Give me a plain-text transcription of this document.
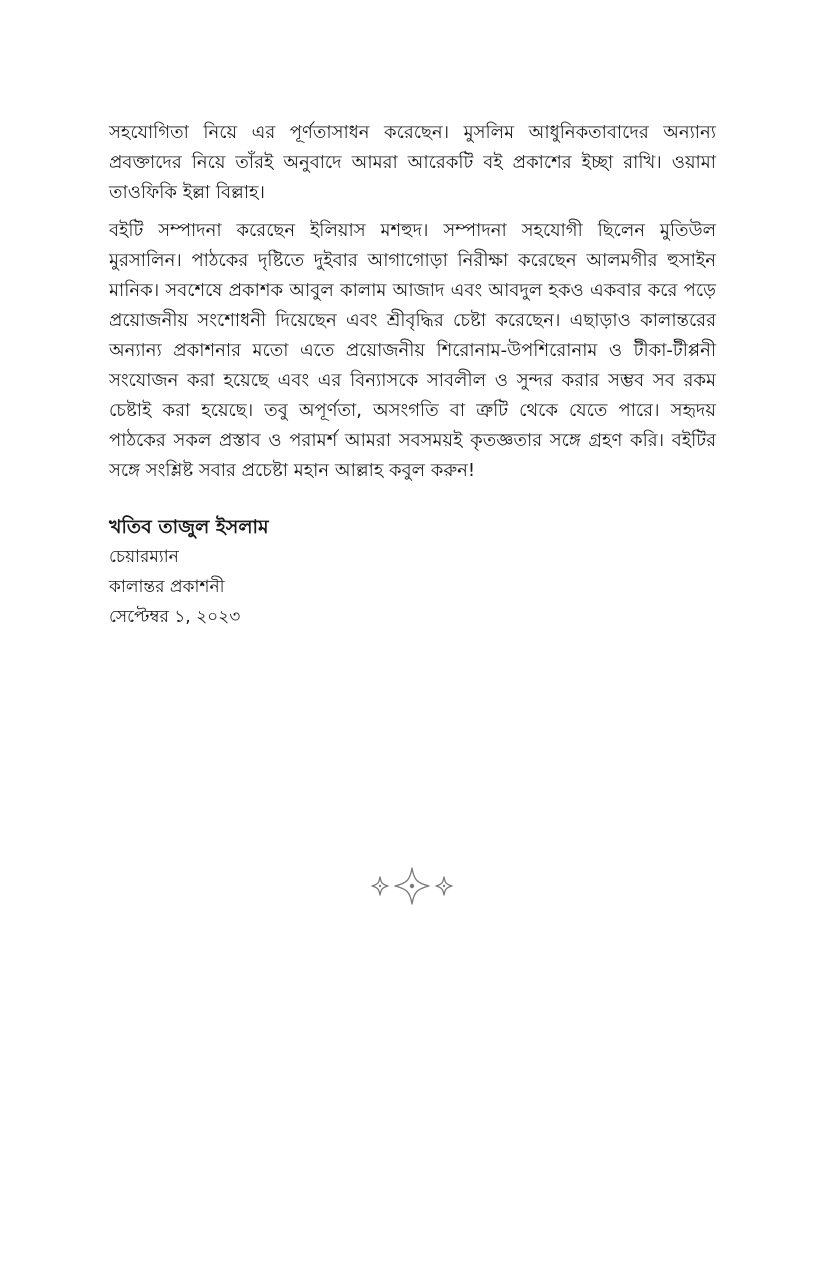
সহযোগিতা নিয়ে এর পূর্ণতাসাধন করেছেন। মুসলিম আধুনিকতাবাদের অন্যান্য প্রবক্তাদের নিয়ে তাঁরই অনুবাদে আমরা আরেকটি বই প্রকাশের ইচ্ছা রাখি। ওয়ামা তাওফিকি ইল্লা বিল্লাহ।

বইটি সম্পাদনা করেছেন ইলিয়াস মশহুদ। সম্পাদনা সহযোগী ছিলেন মুতিউল মুরসালিন। পাঠকের দৃষ্টিতে দুইবার আগাগোড়া নিরীক্ষা করেছেন আলমগীর হুসাইন মানিক। সবশেষে প্রকাশক আবুল কালাম আজাদ এবং আবদুল হকও একবার করে পড়ে প্রয়োজনীয় সংশোধনী দিয়েছেন এবং শ্রীবৃদ্ধির চেষ্টা করেছেন। এছাড়াও কালান্তরের অন্যান্য প্রকাশনার মতো এতে প্রয়োজনীয় শিরোনাম-উপশিরোনাম ও টীকা-টীপ্পনী সংযোজন করা হয়েছে এবং এর বিন্যাসকে সাবলীল ও সুন্দর করার সম্ভব সব রকম চেষ্টাই করা হয়েছে। তবু অপূর্ণতা, অসংগতি বা ত্রুটি থেকে যেতে পারে। সহৃদয় পাঠকের সকল প্রস্তাব ও পরামর্শ আমরা সবসময়ই কৃতজ্ঞতার সঙ্গে গ্রহণ করি। বইটির সঙ্গে সংশ্লিষ্ট সবার প্রচেষ্টা মহান আল্লাহ কবুল করুন!

খতিব তাজুল ইসলাম

চেয়ারম্যান

কালান্তর প্রকাশনী

সেপ্টেম্বর ১, ২০২৩
